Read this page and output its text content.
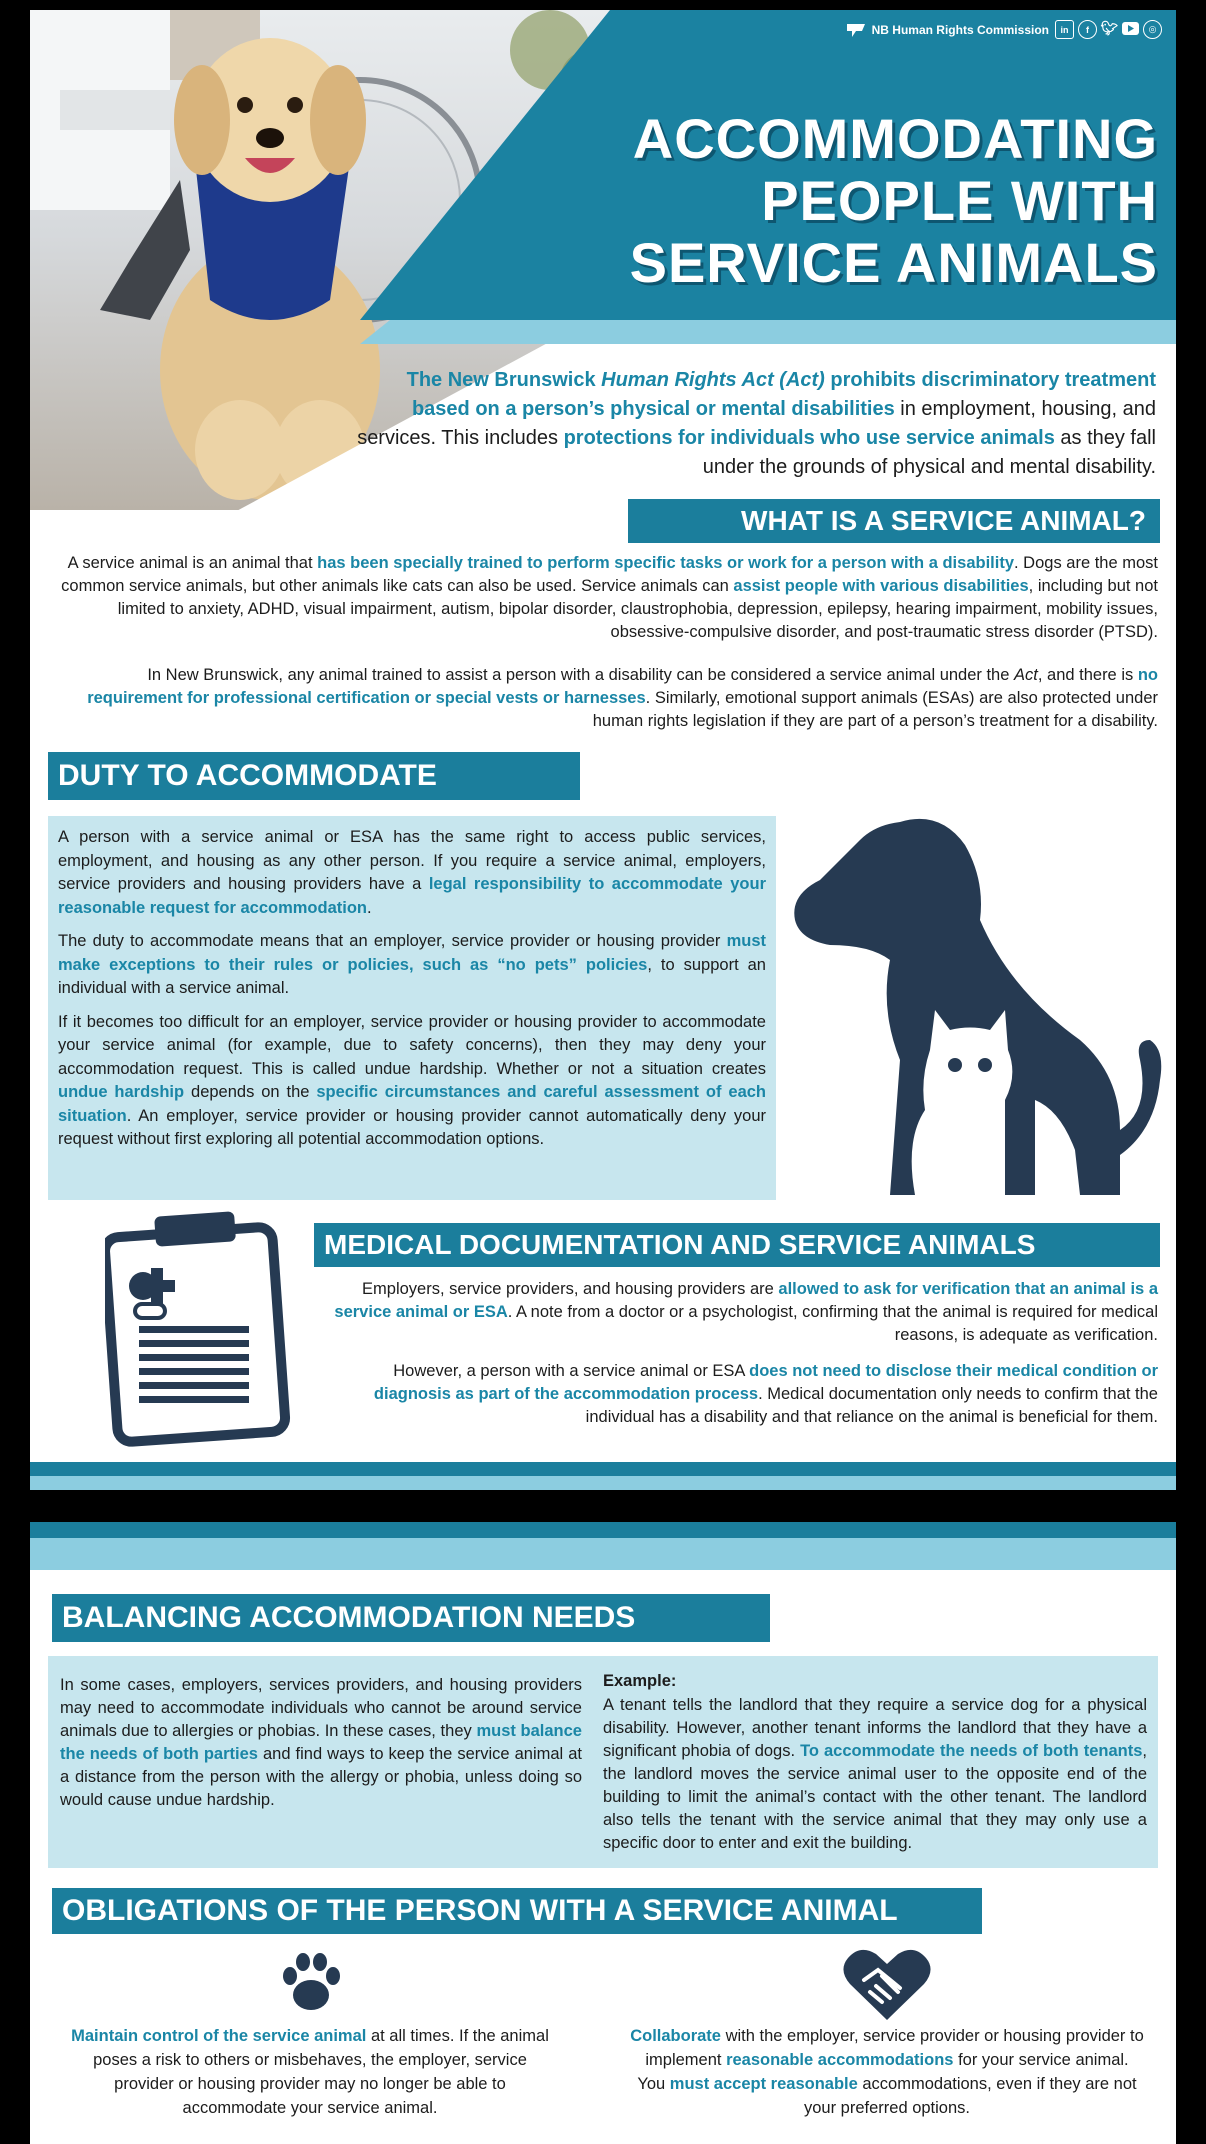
NB Human Rights Commission	in	f 🐦︎	◎
ACCOMMODATING
PEOPLE WITH
SERVICE ANIMALS
The New Brunswick Human Rights Act (Act) prohibits discriminatory treatment based on a person’s physical or mental disabilities in employment, housing, and services. This includes protections for individuals who use service animals as they fall under the grounds of physical and mental disability.
WHAT IS A SERVICE ANIMAL?
A service animal is an animal that has been specially trained to perform specific tasks or work for a person with a disability. Dogs are the most common service animals, but other animals like cats can also be used. Service animals can assist people with various disabilities, including but not limited to anxiety, ADHD, visual impairment, autism, bipolar disorder, claustrophobia, depression, epilepsy, hearing impairment, mobility issues, obsessive-compulsive disorder, and post-traumatic stress disorder (PTSD).
In New Brunswick, any animal trained to assist a person with a disability can be considered a service animal under the Act, and there is no requirement for professional certification or special vests or harnesses. Similarly, emotional support animals (ESAs) are also protected under human rights legislation if they are part of a person’s treatment for a disability.
DUTY TO ACCOMMODATE

A person with a service animal or ESA has the same right to access public services, employment, and housing as any other person. If you require a service animal, employers, service providers and housing providers have a legal responsibility to accommodate your reasonable request for accommodation.

The duty to accommodate means that an employer, service provider or housing provider must make exceptions to their rules or policies, such as “no pets” policies, to support an individual with a service animal.

If it becomes too difficult for an employer, service provider or housing provider to accommodate your service animal (for example, due to safety concerns), then they may deny your accommodation request. This is called undue hardship. Whether or not a situation creates undue hardship depends on the specific circumstances and careful assessment of each situation. An employer, service provider or housing provider cannot automatically deny your request without first exploring all potential accommodation options.

MEDICAL DOCUMENTATION AND SERVICE ANIMALS
Employers, service providers, and housing providers are allowed to ask for verification that an animal is a service animal or ESA. A note from a doctor or a psychologist, confirming that the animal is required for medical reasons, is adequate as verification.
However, a person with a service animal or ESA does not need to disclose their medical condition or diagnosis as part of the accommodation process. Medical documentation only needs to confirm that the individual has a disability and that reliance on the animal is beneficial for them.
BALANCING ACCOMMODATION NEEDS
In some cases, employers, services providers, and housing providers may need to accommodate individuals who cannot be around service animals due to allergies or phobias. In these cases, they must balance the needs of both parties and find ways to keep the service animal at a distance from the person with the allergy or phobia, unless doing so would cause undue hardship.
Example:
A tenant tells the landlord that they require a service dog for a physical disability. However, another tenant informs the landlord that they have a significant phobia of dogs. To accommodate the needs of both tenants, the landlord moves the service animal user to the opposite end of the building to limit the animal’s contact with the other tenant. The landlord also tells the tenant with the service animal that they may only use a specific door to enter and exit the building.
OBLIGATIONS OF THE PERSON WITH A SERVICE ANIMAL
Maintain control of the service animal at all times. If the animal poses a risk to others or misbehaves, the employer, service provider or housing provider may no longer be able to accommodate your service animal.
Collaborate with the employer, service provider or housing provider to implement reasonable accommodations for your service animal. You must accept reasonable accommodations, even if they are not your preferred options.
